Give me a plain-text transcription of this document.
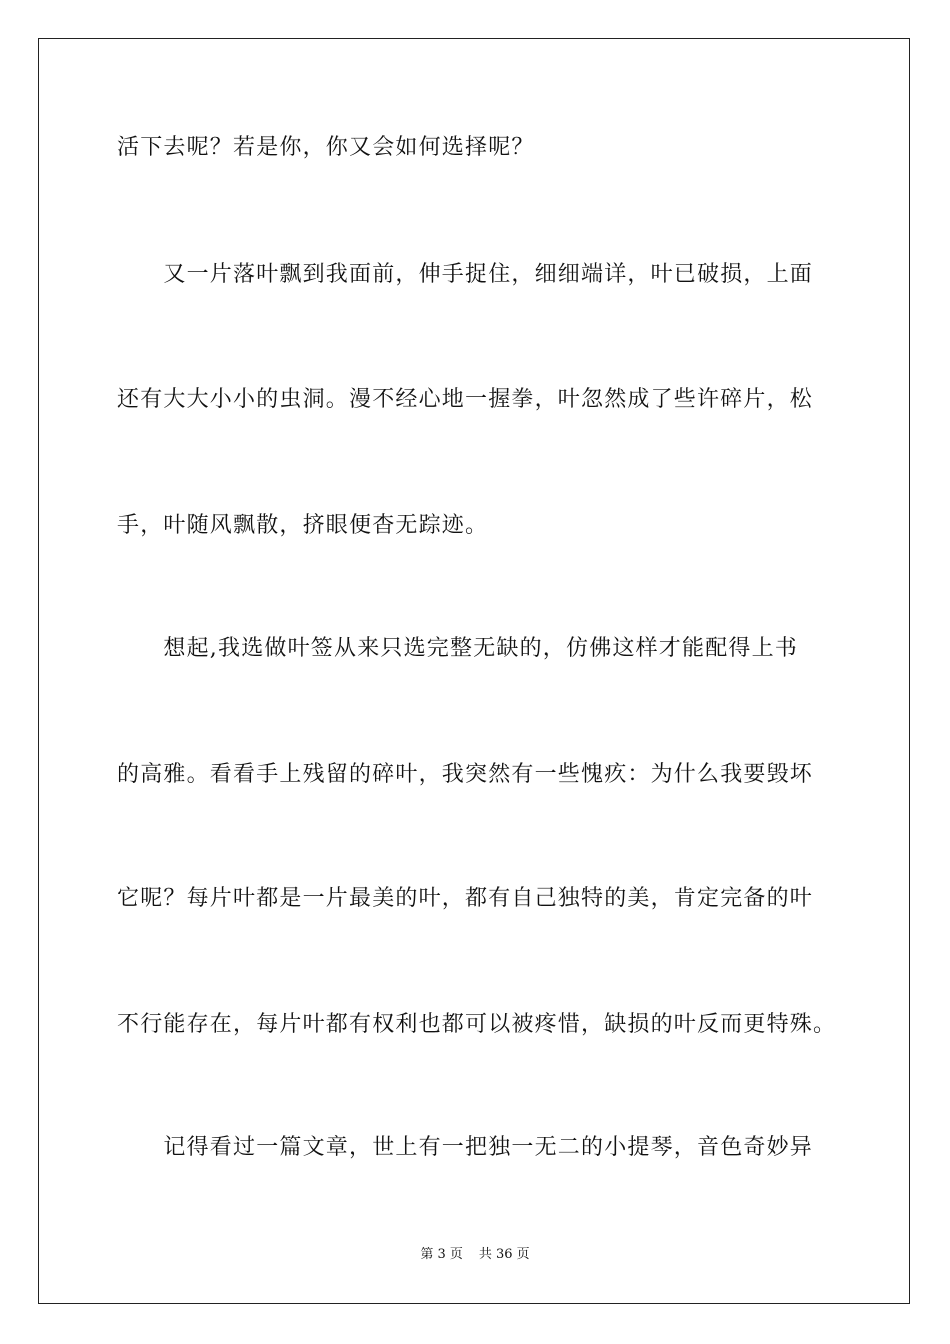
活下去呢？若是你，你又会如何选择呢？
　　又一片落叶飘到我面前，伸手捉住，细细端详，叶已破损，上面
还有大大小小的虫洞。漫不经心地一握拳，叶忽然成了些许碎片，松
手，叶随风飘散，挤眼便杳无踪迹。
　　想起,我选做叶签从来只选完整无缺的，仿佛这样才能配得上书
的高雅。看看手上残留的碎叶，我突然有一些愧疚：为什么我要毁坏
它呢？每片叶都是一片最美的叶，都有自己独特的美，肯定完备的叶
不行能存在，每片叶都有权利也都可以被疼惜，缺损的叶反而更特殊。
　　记得看过一篇文章，世上有一把独一无二的小提琴，音色奇妙异
第 3 页 共 36 页
